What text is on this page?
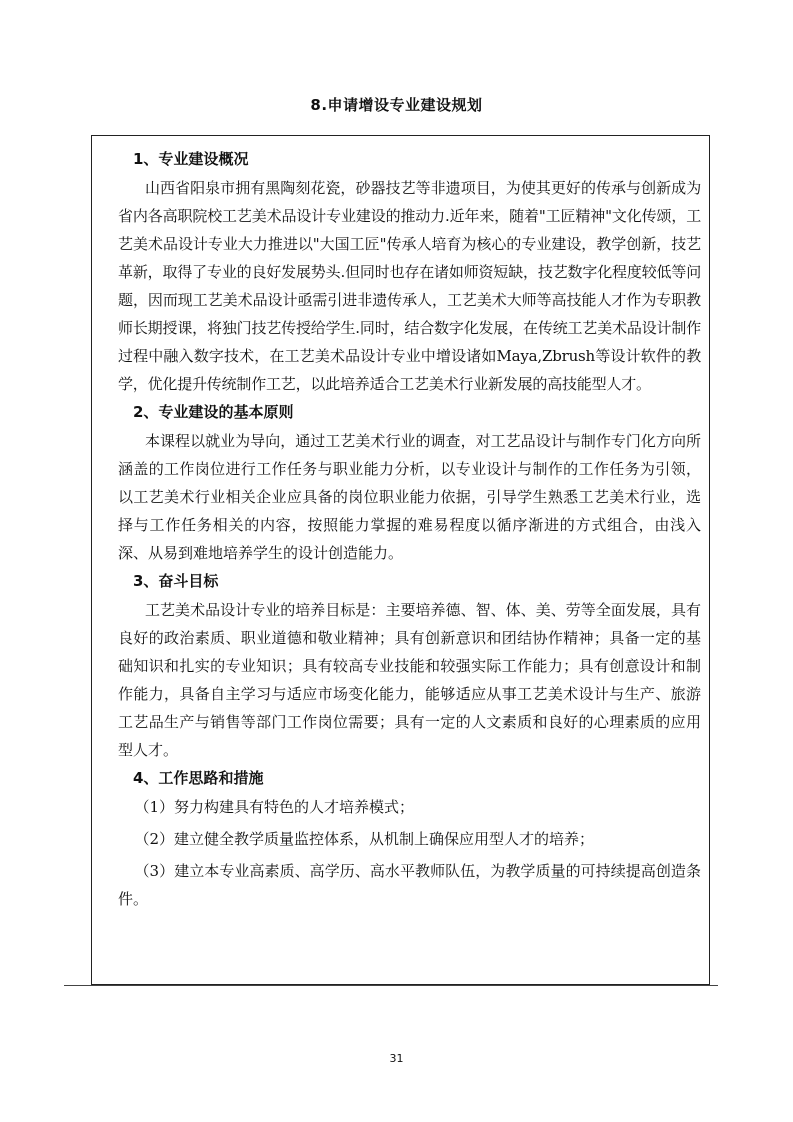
8.申请增设专业建设规划
1、专业建设概况

山西省阳泉市拥有黑陶刻花瓷，砂器技艺等非遗项目，为使其更好的传承与创新成为省内各高职院校工艺美术品设计专业建设的推动力.近年来，随着"工匠精神"文化传颂，工艺美术品设计专业大力推进以"大国工匠"传承人培育为核心的专业建设，教学创新，技艺革新，取得了专业的良好发展势头.但同时也存在诸如师资短缺，技艺数字化程度较低等问题，因而现工艺美术品设计亟需引进非遗传承人，工艺美术大师等高技能人才作为专职教师长期授课，将独门技艺传授给学生.同时，结合数字化发展，在传统工艺美术品设计制作过程中融入数字技术，在工艺美术品设计专业中增设诸如Maya,Zbrush等设计软件的教学，优化提升传统制作工艺，以此培养适合工艺美术行业新发展的高技能型人才。

2、专业建设的基本原则

本课程以就业为导向，通过工艺美术行业的调查，对工艺品设计与制作专门化方向所涵盖的工作岗位进行工作任务与职业能力分析，以专业设计与制作的工作任务为引领，以工艺美术行业相关企业应具备的岗位职业能力依据，引导学生熟悉工艺美术行业，选择与工作任务相关的内容，按照能力掌握的难易程度以循序渐进的方式组合，由浅入深、从易到难地培养学生的设计创造能力。

3、奋斗目标

工艺美术品设计专业的培养目标是：主要培养德、智、体、美、劳等全面发展，具有良好的政治素质、职业道德和敬业精神；具有创新意识和团结协作精神；具备一定的基础知识和扎实的专业知识；具有较高专业技能和较强实际工作能力；具有创意设计和制作能力，具备自主学习与适应市场变化能力，能够适应从事工艺美术设计与生产、旅游工艺品生产与销售等部门工作岗位需要；具有一定的人文素质和良好的心理素质的应用型人才。

4、工作思路和措施

（1）努力构建具有特色的人才培养模式；

（2）建立健全教学质量监控体系，从机制上确保应用型人才的培养；

（3）建立本专业高素质、高学历、高水平教师队伍，为教学质量的可持续提高创造条件。

31
